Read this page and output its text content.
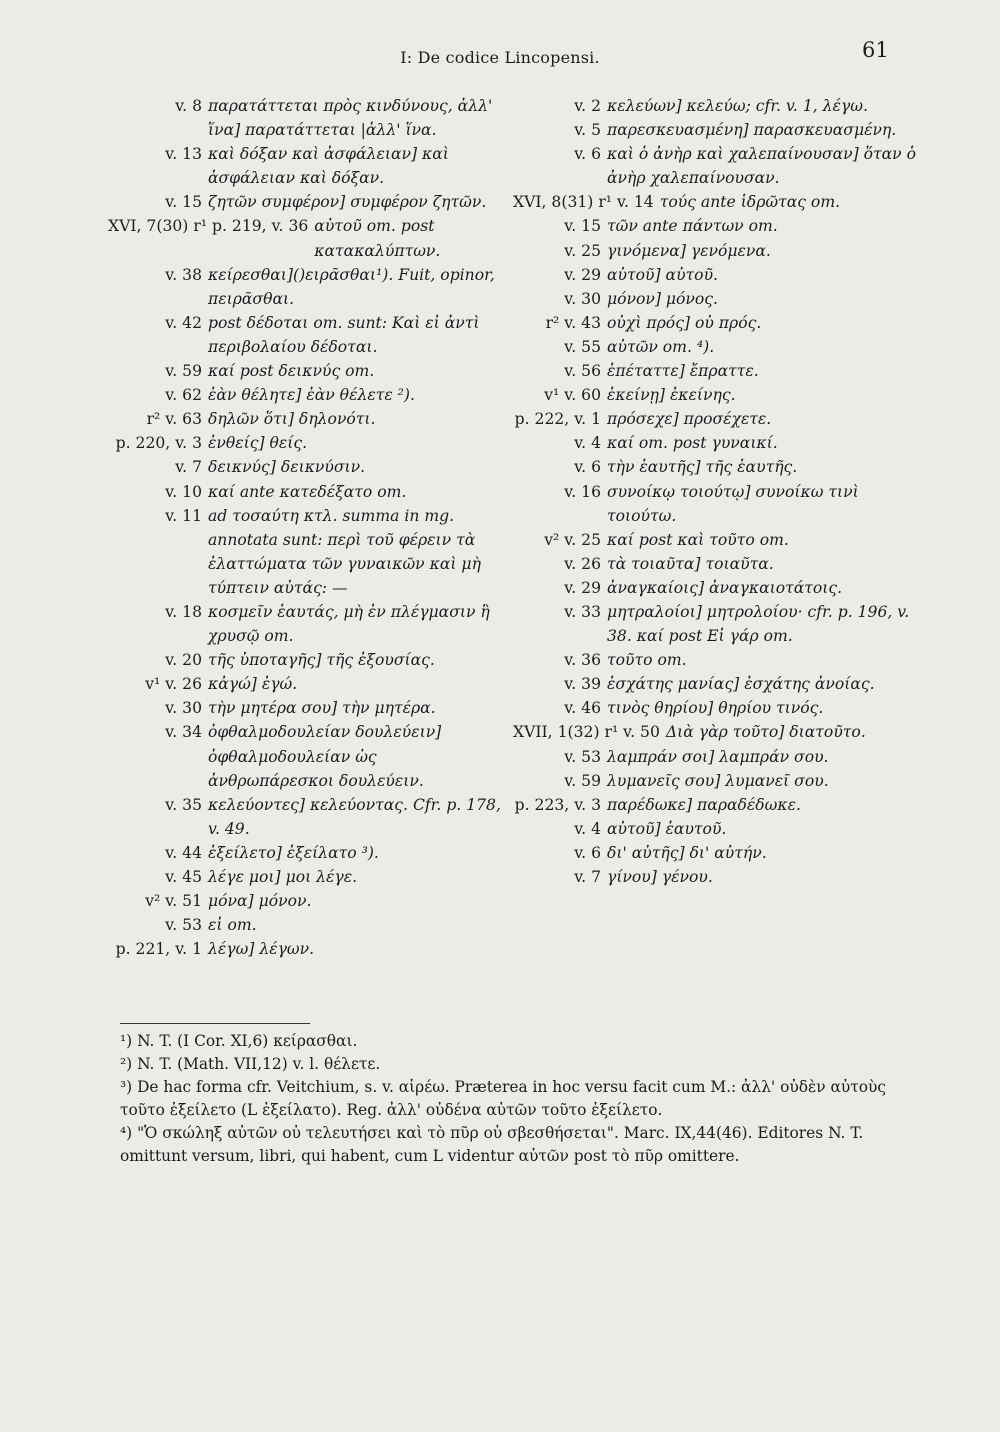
I: De codice Lincopensi.	61
v. 8 παρατάττεται πρὸς κινδύνους, ἀλλ' ἵνα] παρατάττεται |ἀλλ' ἵνα.
v. 13 καὶ δόξαν καὶ ἀσφάλειαν] καὶ ἀσφάλειαν καὶ δόξαν.
v. 15 ζητῶν συμφέρον] συμφέρον ζητῶν.
XVI, 7(30) r¹ p. 219, v. 36 αὐτοῦ om. post κατακαλύπτων.
v. 38 κείρεσθαι]()ειρᾶσθαι¹). Fuit, opinor, πειρᾶσθαι.
v. 42 post δέδοται om. sunt: Καὶ εἰ ἀντὶ περιβολαίου δέδοται.
v. 59 καί post δεικνύς om.
v. 62 ἐὰν θέλητε] ἐὰν θέλετε ²).
r² v. 63 δηλῶν ὅτι] δηλονότι.
p. 220, v. 3 ἐνθείς] θείς.
v. 7 δεικνύς] δεικνύσιν.
v. 10 καί ante κατεδέξατο om.
v. 11 ad τοσαύτη κτλ. summa in mg. annotata sunt: περὶ τοῦ φέρειν τὰ ἐλαττώματα τῶν γυναικῶν καὶ μὴ τύπτειν αὐτάς: —
v. 18 κοσμεῖν ἑαυτάς, μὴ ἐν πλέγμασιν ἢ χρυσῷ om.
v. 20 τῆς ὑποταγῆς] τῆς ἐξουσίας.
v¹ v. 26 κἀγώ] ἐγώ.
v. 30 τὴν μητέρα σου] τὴν μητέρα.
v. 34 ὀφθαλμοδουλείαν δουλεύειν] ὀφθαλμοδουλείαν ὡς ἀνθρωπάρεσκοι δουλεύειν.
v. 35 κελεύοντες] κελεύοντας. Cfr. p. 178, v. 49.
v. 44 ἐξείλετο] ἐξείλατο ³).
v. 45 λέγε μοι] μοι λέγε.
v² v. 51 μόνα] μόνον.
v. 53 εἰ om.
p. 221, v. 1 λέγω] λέγων.
v. 2 κελεύων] κελεύω; cfr. v. 1, λέγω.
v. 5 παρεσκευασμένη] παρασκευασμένη.
v. 6 καὶ ὁ ἀνὴρ καὶ χαλεπαίνουσαν] ὅταν ὁ ἀνὴρ χαλεπαίνουσαν.
XVI, 8(31) r¹ v. 14 τούς ante ἱδρῶτας om.
v. 15 τῶν ante πάντων om.
v. 25 γινόμενα] γενόμενα.
v. 29 αὐτοῦ] αὐτοῦ.
v. 30 μόνον] μόνος.
r² v. 43 οὐχὶ πρός] οὐ πρός.
v. 55 αὐτῶν om. ⁴).
v. 56 ἐπέταττε] ἔπραττε.
v¹ v. 60 ἐκείνῃ] ἐκείνης.
p. 222, v. 1 πρόσεχε] προσέχετε.
v. 4 καί om. post γυναικί.
v. 6 τὴν ἑαυτῆς] τῆς ἑαυτῆς.
v. 16 συνοίκῳ τοιούτῳ] συνοίκω τινὶ τοιούτω.
v² v. 25 καί post καὶ τοῦτο om.
v. 26 τὰ τοιαῦτα] τοιαῦτα.
v. 29 ἀναγκαίοις] ἀναγκαιοτάτοις.
v. 33 μητραλοίοι] μητρολοίου· cfr. p. 196, v. 38. καί post Εἰ γάρ om.
v. 36 τοῦτο om.
v. 39 ἐσχάτης μανίας] ἐσχάτης ἀνοίας.
v. 46 τινὸς θηρίου] θηρίου τινός.
XVII, 1(32) r¹ v. 50 Διὰ γὰρ τοῦτο] διατοῦτο.
v. 53 λαμπράν σοι] λαμπράν σου.
v. 59 λυμανεῖς σου] λυμανεῖ σου.
p. 223, v. 3 παρέδωκε] παραδέδωκε.
v. 4 αὐτοῦ] ἑαυτοῦ.
v. 6 δι' αὐτῆς] δι' αὐτήν.
v. 7 γίνου] γένου.

¹) N. T. (I Cor. XI,6) κείρασθαι.

²) N. T. (Math. VII,12) v. l. θέλετε.

³) De hac forma cfr. Veitchium, s. v. αἱρέω. Præterea in hoc versu facit cum M.: ἀλλ' οὐδὲν αὐτοὺς τοῦτο ἐξείλετο (L ἐξείλατο). Reg. ἀλλ' οὐδένα αὐτῶν τοῦτο ἐξείλετο.

⁴) "Ὁ σκώληξ αὐτῶν οὐ τελευτήσει καὶ τὸ πῦρ οὐ σβεσθήσεται". Marc. IX,44(46). Editores N. T. omittunt versum, libri, qui habent, cum L videntur αὐτῶν post τὸ πῦρ omittere.
